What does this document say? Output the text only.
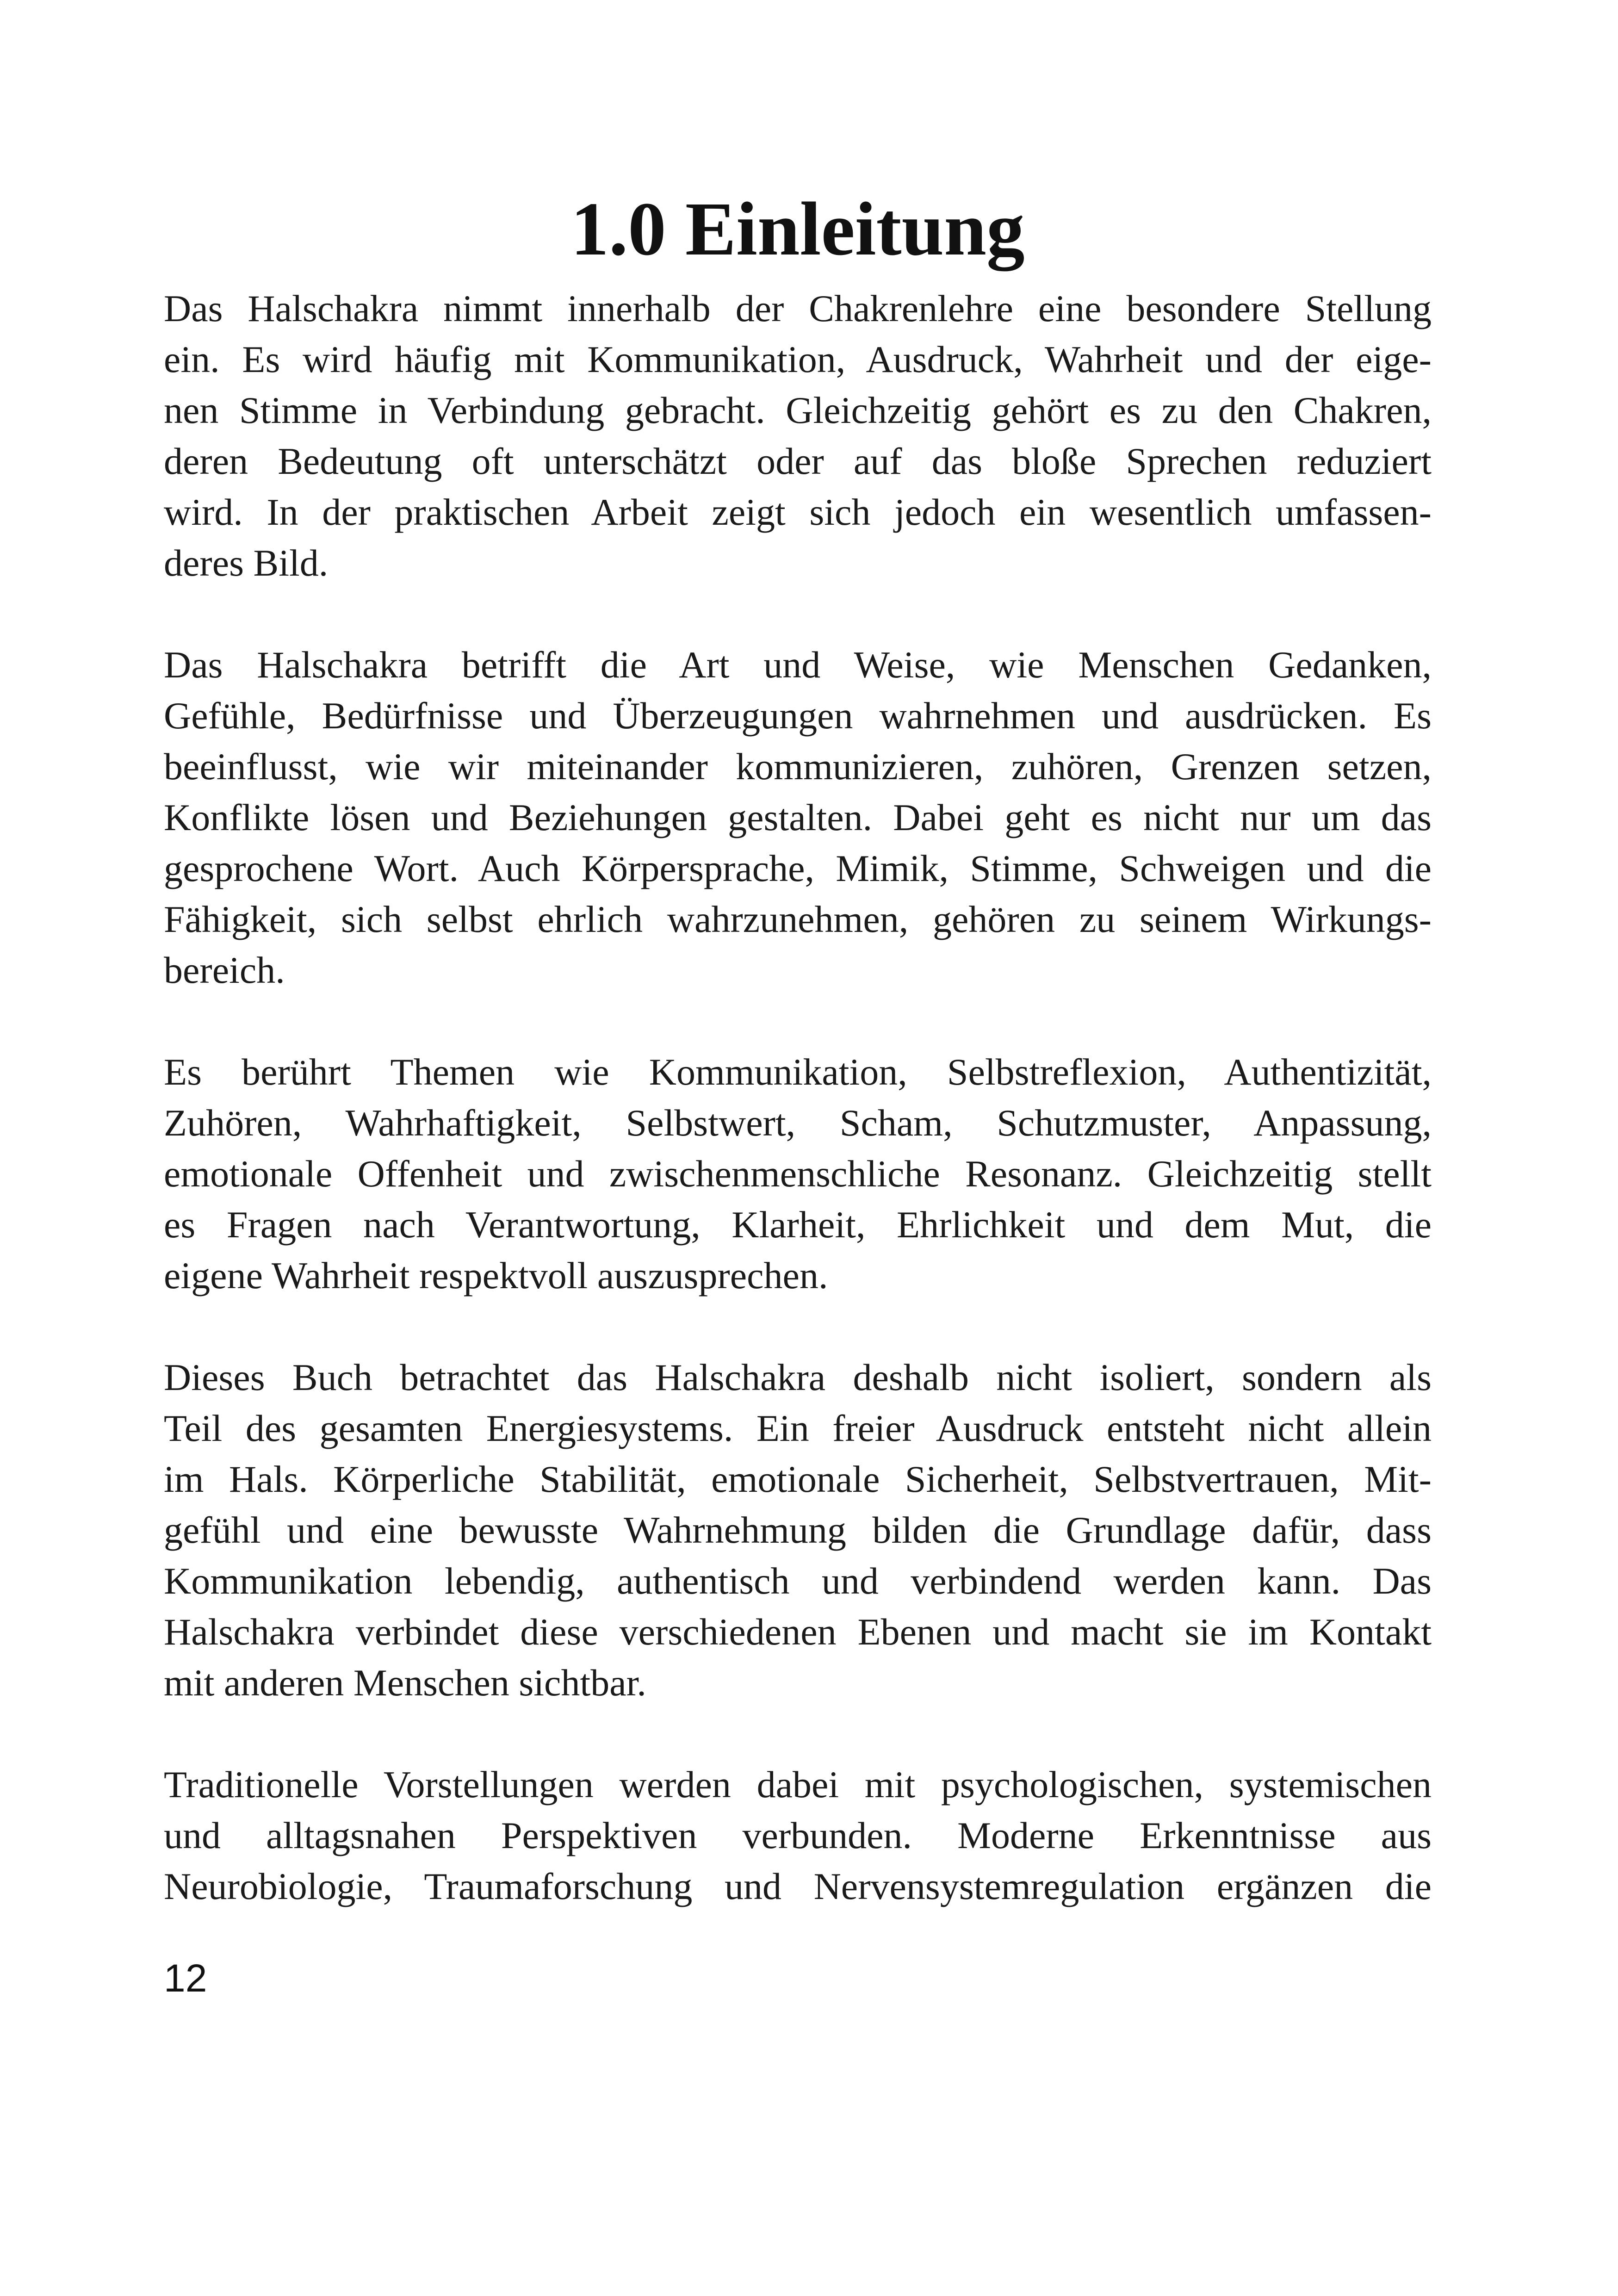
1.0 Einleitung

Das Halschakra nimmt innerhalb der Chakrenlehre eine besondere Stellung
ein. Es wird häufig mit Kommunikation, Ausdruck, Wahrheit und der eige-
nen Stimme in Verbindung gebracht. Gleichzeitig gehört es zu den Chakren,
deren Bedeutung oft unterschätzt oder auf das bloße Sprechen reduziert
wird. In der praktischen Arbeit zeigt sich jedoch ein wesentlich umfassen-
deres Bild.

Das Halschakra betrifft die Art und Weise, wie Menschen Gedanken,
Gefühle, Bedürfnisse und Überzeugungen wahrnehmen und ausdrücken. Es
beeinflusst, wie wir miteinander kommunizieren, zuhören, Grenzen setzen,
Konflikte lösen und Beziehungen gestalten. Dabei geht es nicht nur um das
gesprochene Wort. Auch Körpersprache, Mimik, Stimme, Schweigen und die
Fähigkeit, sich selbst ehrlich wahrzunehmen, gehören zu seinem Wirkungs-
bereich.

Es berührt Themen wie Kommunikation, Selbstreflexion, Authentizität,
Zuhören, Wahrhaftigkeit, Selbstwert, Scham, Schutzmuster, Anpassung,
emotionale Offenheit und zwischenmenschliche Resonanz. Gleichzeitig stellt
es Fragen nach Verantwortung, Klarheit, Ehrlichkeit und dem Mut, die
eigene Wahrheit respektvoll auszusprechen.

Dieses Buch betrachtet das Halschakra deshalb nicht isoliert, sondern als
Teil des gesamten Energiesystems. Ein freier Ausdruck entsteht nicht allein
im Hals. Körperliche Stabilität, emotionale Sicherheit, Selbstvertrauen, Mit-
gefühl und eine bewusste Wahrnehmung bilden die Grundlage dafür, dass
Kommunikation lebendig, authentisch und verbindend werden kann. Das
Halschakra verbindet diese verschiedenen Ebenen und macht sie im Kontakt
mit anderen Menschen sichtbar.

Traditionelle Vorstellungen werden dabei mit psychologischen, systemischen
und alltagsnahen Perspektiven verbunden. Moderne Erkenntnisse aus
Neurobiologie, Traumaforschung und Nervensystemregulation ergänzen die

12
